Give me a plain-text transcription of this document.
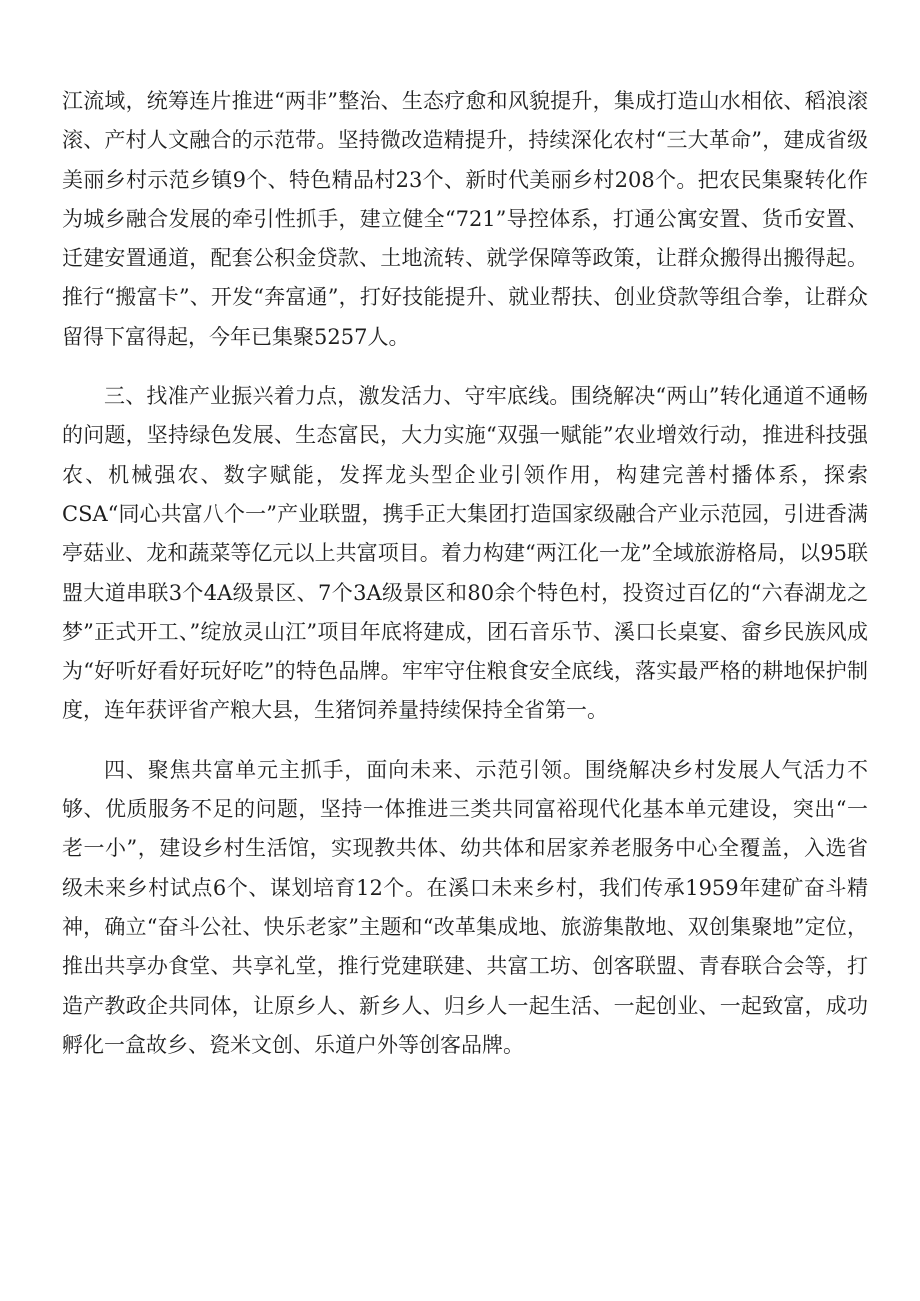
江流域，统筹连片推进“两非”整治、生态疗愈和风貌提升，集成打造山水相依、稻浪滚滚、产村人文融合的示范带。坚持微改造精提升，持续深化农村“三大革命”，建成省级美丽乡村示范乡镇9个、特色精品村23个、新时代美丽乡村208个。把农民集聚转化作为城乡融合发展的牵引性抓手，建立健全“721”导控体系，打通公寓安置、货币安置、迁建安置通道，配套公积金贷款、土地流转、就学保障等政策，让群众搬得出搬得起。推行“搬富卡”、开发“奔富通”，打好技能提升、就业帮扶、创业贷款等组合拳，让群众留得下富得起，今年已集聚5257人。

三、找准产业振兴着力点，激发活力、守牢底线。围绕解决“两山”转化通道不通畅的问题，坚持绿色发展、生态富民，大力实施“双强一赋能”农业增效行动，推进科技强农、机械强农、数字赋能，发挥龙头型企业引领作用，构建完善村播体系，探索CSA“同心共富八个一”产业联盟，携手正大集团打造国家级融合产业示范园，引进香满亭菇业、龙和蔬菜等亿元以上共富项目。着力构建“两江化一龙”全域旅游格局，以95联盟大道串联3个4A级景区、7个3A级景区和80余个特色村，投资过百亿的“六春湖龙之梦”正式开工、”绽放灵山江”项目年底将建成，团石音乐节、溪口长桌宴、畲乡民族风成为“好听好看好玩好吃”的特色品牌。牢牢守住粮食安全底线，落实最严格的耕地保护制度，连年获评省产粮大县，生猪饲养量持续保持全省第一。

四、聚焦共富单元主抓手，面向未来、示范引领。围绕解决乡村发展人气活力不够、优质服务不足的问题，坚持一体推进三类共同富裕现代化基本单元建设，突出“一老一小”，建设乡村生活馆，实现教共体、幼共体和居家养老服务中心全覆盖，入选省级未来乡村试点6个、谋划培育12个。在溪口未来乡村，我们传承1959年建矿奋斗精神，确立“奋斗公社、快乐老家”主题和“改革集成地、旅游集散地、双创集聚地”定位，推出共享办食堂、共享礼堂，推行党建联建、共富工坊、创客联盟、青春联合会等，打造产教政企共同体，让原乡人、新乡人、归乡人一起生活、一起创业、一起致富，成功孵化一盒故乡、瓷米文创、乐道户外等创客品牌。
